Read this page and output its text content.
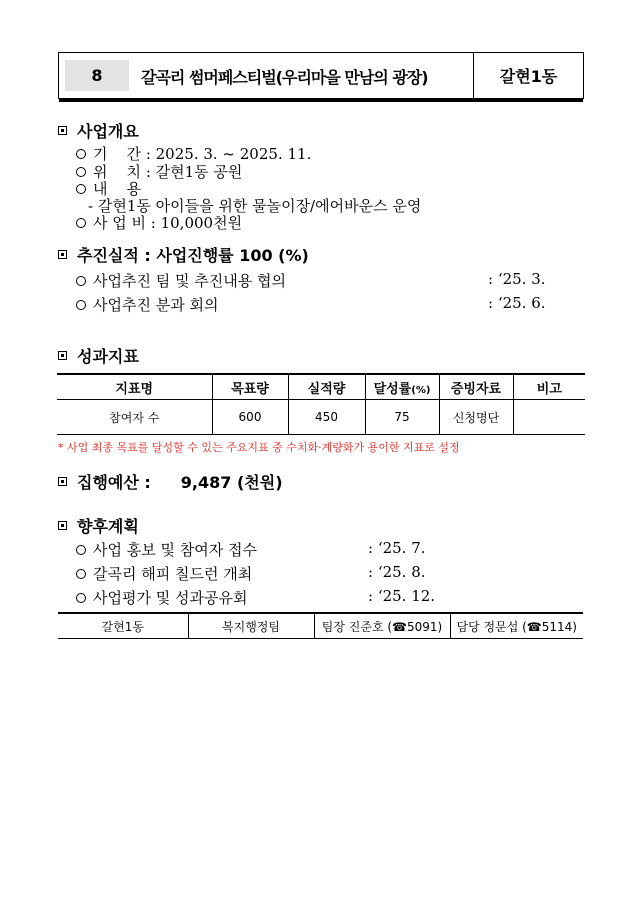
8	갈곡리 썸머페스티벌(우리마을 만남의 광장)	갈현1동
사업개요
기    간 : 2025. 3. ~ 2025. 11.
위    치 : 갈현1동 공원
내    용
- 갈현1동 아이들을 위한 물놀이장/에어바운스 운영
사 업 비 : 10,000천원
추진실적 : 사업진행률 100 (%)
사업추진 팀 및 추진내용 협의	: ‘25. 3.
사업추진 분과 회의	: ‘25. 6.
성과지표
지표명	목표량	실적량	달성률(%)	증빙자료	비고
참여자 수	600	450	75	신청명단	
* 사업 최종 목표를 달성할 수 있는 주요지표 중 수치화·계량화가 용이한 지표로 설정
집행예산 : 9,487 (천원)
향후계획
사업 홍보 및 참여자 접수	: ‘25. 7.
갈곡리 해피 칠드런 개최	: ‘25. 8.
사업평가 및 성과공유회	: ‘25. 12.
갈현1동	복지행정팀	팀장 진준호 (☎5091)	담당 정문섭 (☎5114)
